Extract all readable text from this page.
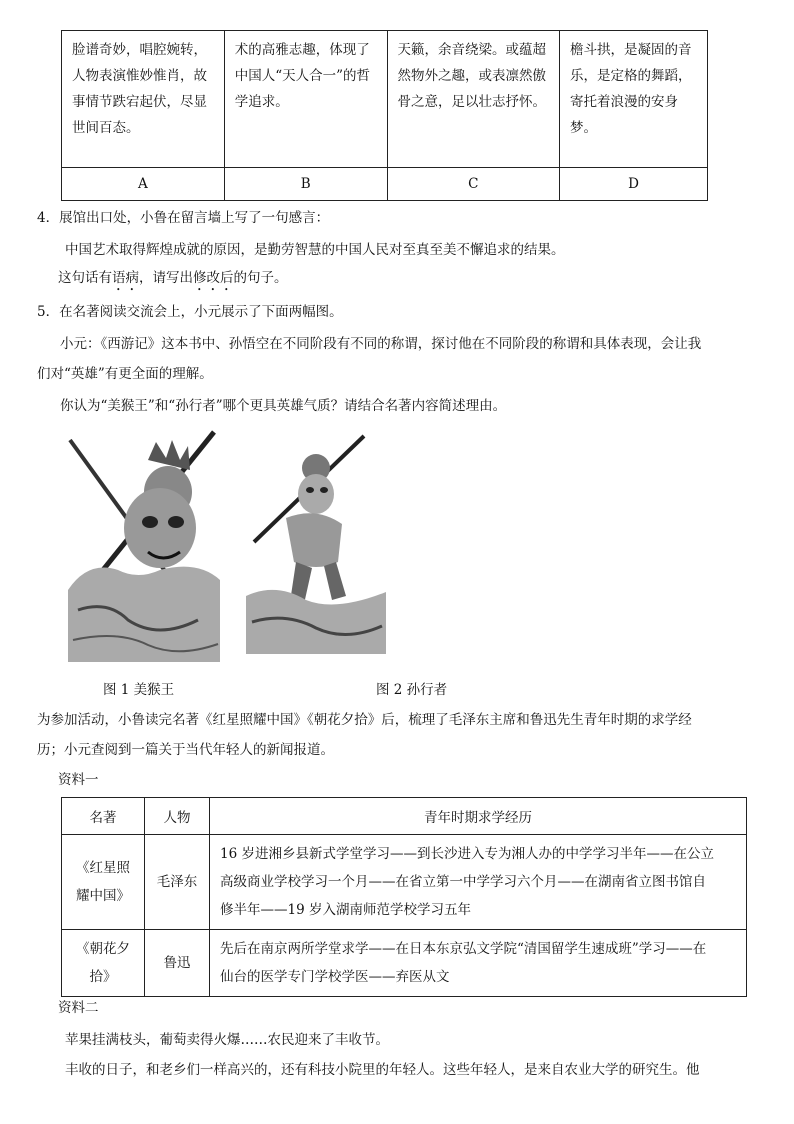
脸谱奇妙，唱腔婉转，
人物表演惟妙惟肖，故
事情节跌宕起伏，尽显
世间百态。	术的高雅志趣，体现了
中国人“天人合一”的哲
学追求。	天籁，余音绕梁。或蕴超
然物外之趣，或表凛然傲
骨之意，足以壮志抒怀。	檐斗拱，是凝固的音
乐，是定格的舞蹈，
寄托着浪漫的安身
梦。

A	B	C	D
4．展馆出口处，小鲁在留言墙上写了一句感言：
中国艺术取得辉煌成就的原因，是勤劳智慧的中国人民对至真至美不懈追求的结果。
这句话有语病，请写出修改后的句子。
5．在名著阅读交流会上，小元展示了下面两幅图。
小元：《西游记》这本书中、孙悟空在不同阶段有不同的称谓，探讨他在不同阶段的称谓和具体表现，会让我
们对“英雄”有更全面的理解。
你认为“美猴王”和“孙行者”哪个更具英雄气质？请结合名著内容简述理由。
图 1 美猴王	图 2 孙行者
为参加活动，小鲁读完名著《红星照耀中国》《朝花夕拾》后，梳理了毛泽东主席和鲁迅先生青年时期的求学经
历；小元查阅到一篇关于当代年轻人的新闻报道。
资料一
名著	人物	青年时期求学经历

《红星照
耀中国》	毛泽东	16 岁进湘乡县新式学堂学习——到长沙进入专为湘人办的中学学习半年——在公立
高级商业学校学习一个月——在省立第一中学学习六个月——在湖南省立图书馆自
修半年——19 岁入湖南师范学校学习五年

《朝花夕
拾》	鲁迅	先后在南京两所学堂求学——在日本东京弘文学院“清国留学生速成班”学习——在
仙台的医学专门学校学医——弃医从文
资料二
苹果挂满枝头，葡萄卖得火爆……农民迎来了丰收节。
丰收的日子，和老乡们一样高兴的，还有科技小院里的年轻人。这些年轻人，是来自农业大学的研究生。他
